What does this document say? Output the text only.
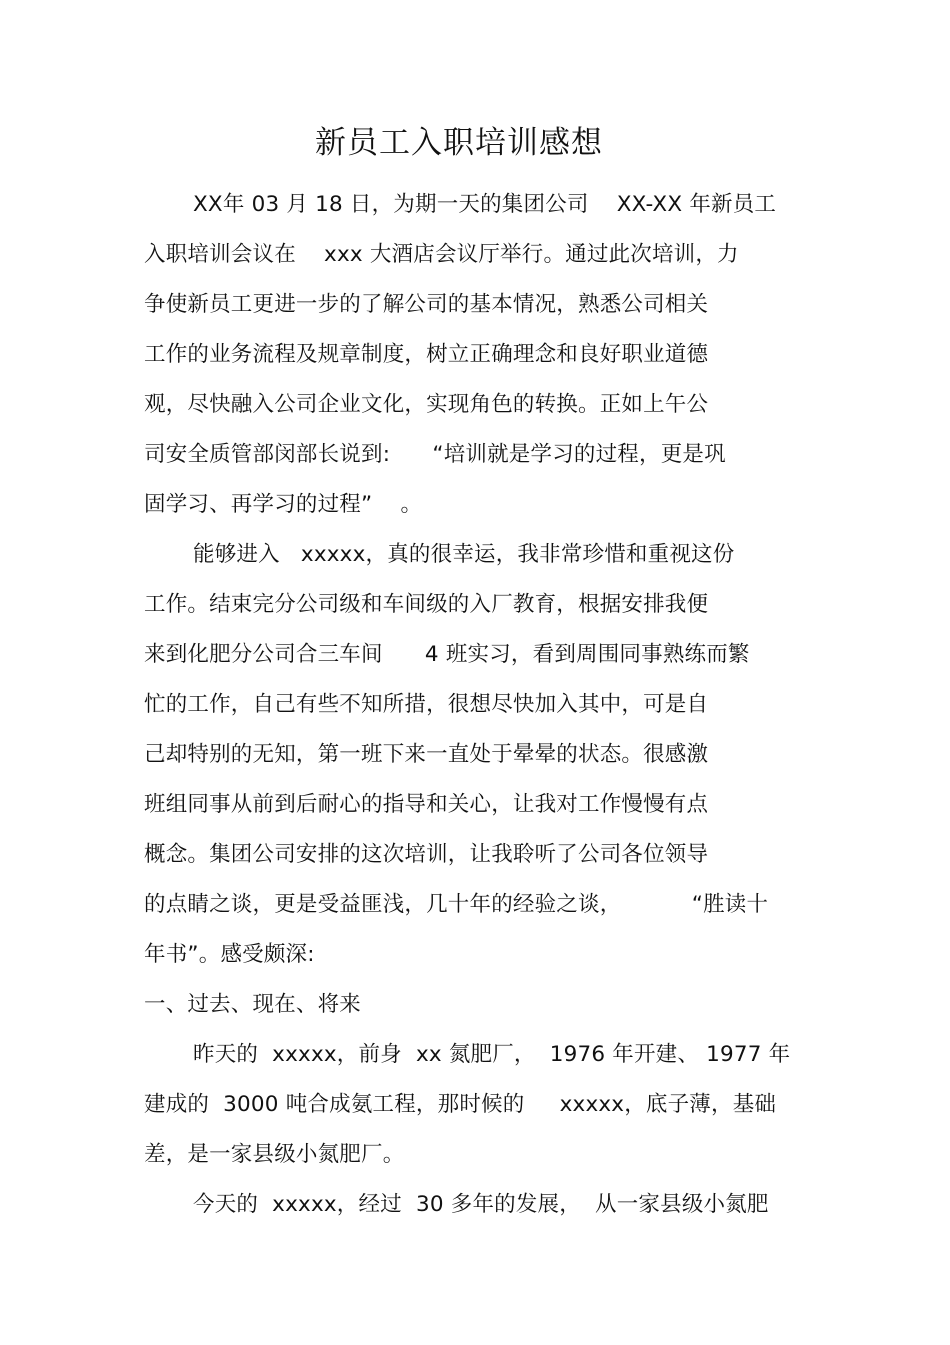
新员工入职培训感想
XX年 03 月 18 日，为期一天的集团公司    XX-XX 年新员工
入职培训会议在    xxx 大酒店会议厅举行。通过此次培训，力
争使新员工更进一步的了解公司的基本情况，熟悉公司相关
工作的业务流程及规章制度，树立正确理念和良好职业道德
观，尽快融入公司企业文化，实现角色的转换。正如上午公
司安全质管部闵部长说到:      “培训就是学习的过程，更是巩
固学习、再学习的过程”    。
能够进入   xxxxx，真的很幸运，我非常珍惜和重视这份
工作。结束完分公司级和车间级的入厂教育，根据安排我便
来到化肥分公司合三车间      4 班实习，看到周围同事熟练而繁
忙的工作，自己有些不知所措，很想尽快加入其中，可是自
己却特别的无知，第一班下来一直处于晕晕的状态。很感激
班组同事从前到后耐心的指导和关心，让我对工作慢慢有点
概念。集团公司安排的这次培训，让我聆听了公司各位领导
的点睛之谈，更是受益匪浅，几十年的经验之谈，          “胜读十
年书”。感受颇深:
一、过去、现在、将来
昨天的  xxxxx，前身  xx 氮肥厂，  1976 年开建、 1977 年
建成的  3000 吨合成氨工程，那时候的     xxxxx，底子薄，基础
差，是一家县级小氮肥厂。
今天的  xxxxx，经过  30 多年的发展，  从一家县级小氮肥
